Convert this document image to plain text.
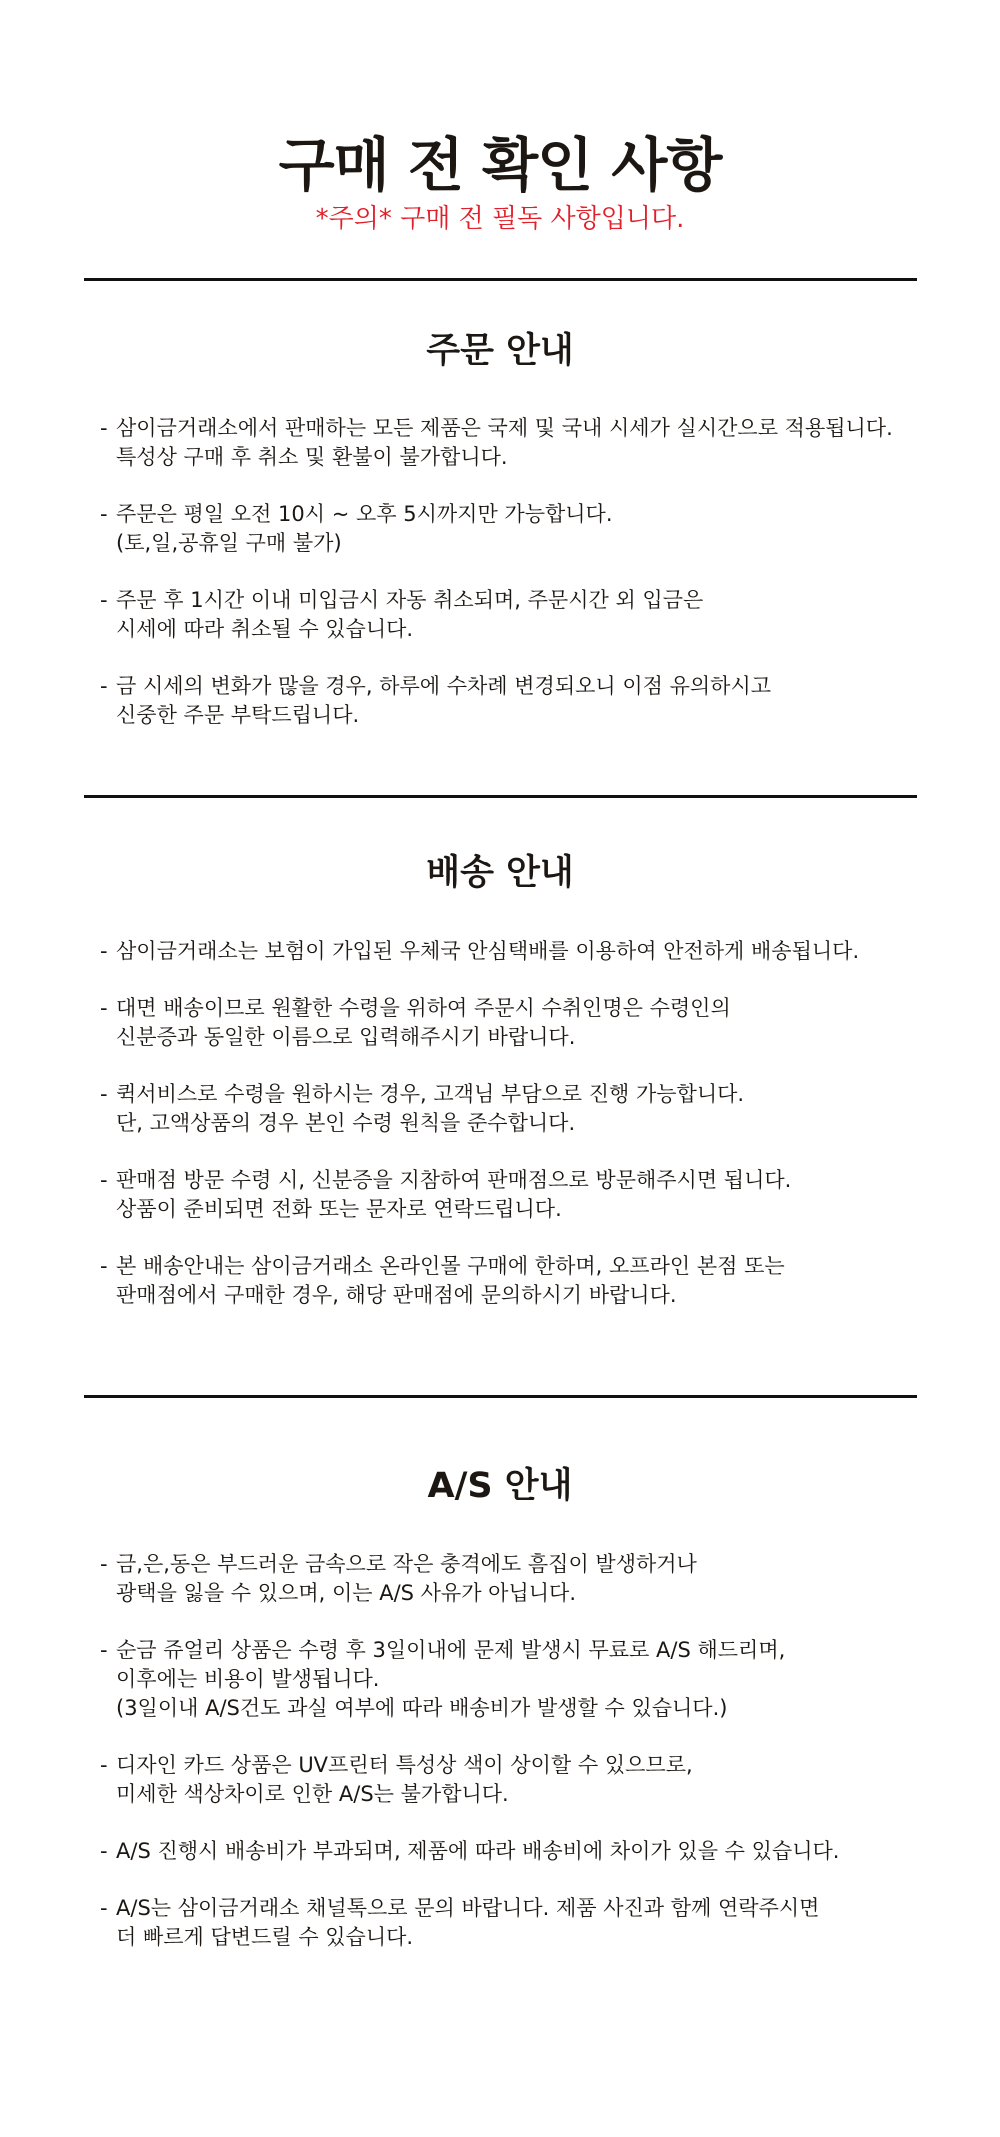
구매 전 확인 사항

*주의* 구매 전 필독 사항입니다.

주문 안내
- 삼이금거래소에서 판매하는 모든 제품은 국제 및 국내 시세가 실시간으로 적용됩니다.
특성상 구매 후 취소 및 환불이 불가합니다.
- 주문은 평일 오전 10시 ~ 오후 5시까지만 가능합니다.
(토,일,공휴일 구매 불가)
- 주문 후 1시간 이내 미입금시 자동 취소되며, 주문시간 외 입금은
시세에 따라 취소될 수 있습니다.
- 금 시세의 변화가 많을 경우, 하루에 수차례 변경되오니 이점 유의하시고
신중한 주문 부탁드립니다.
배송 안내
- 삼이금거래소는 보험이 가입된 우체국 안심택배를 이용하여 안전하게 배송됩니다.
- 대면 배송이므로 원활한 수령을 위하여 주문시 수취인명은 수령인의
신분증과 동일한 이름으로 입력해주시기 바랍니다.
- 퀵서비스로 수령을 원하시는 경우, 고객님 부담으로 진행 가능합니다.
단, 고액상품의 경우 본인 수령 원칙을 준수합니다.
- 판매점 방문 수령 시, 신분증을 지참하여 판매점으로 방문해주시면 됩니다.
상품이 준비되면 전화 또는 문자로 연락드립니다.
- 본 배송안내는 삼이금거래소 온라인몰 구매에 한하며, 오프라인 본점 또는
판매점에서 구매한 경우, 해당 판매점에 문의하시기 바랍니다.
A/S 안내
- 금,은,동은 부드러운 금속으로 작은 충격에도 흠집이 발생하거나
광택을 잃을 수 있으며, 이는 A/S 사유가 아닙니다.
- 순금 쥬얼리 상품은 수령 후 3일이내에 문제 발생시 무료로 A/S 해드리며,
이후에는 비용이 발생됩니다.
(3일이내 A/S건도 과실 여부에 따라 배송비가 발생할 수 있습니다.)
- 디자인 카드 상품은 UV프린터 특성상 색이 상이할 수 있으므로,
미세한 색상차이로 인한 A/S는 불가합니다.
- A/S 진행시 배송비가 부과되며, 제품에 따라 배송비에 차이가 있을 수 있습니다.
- A/S는 삼이금거래소 채널톡으로 문의 바랍니다. 제품 사진과 함께 연락주시면
더 빠르게 답변드릴 수 있습니다.
